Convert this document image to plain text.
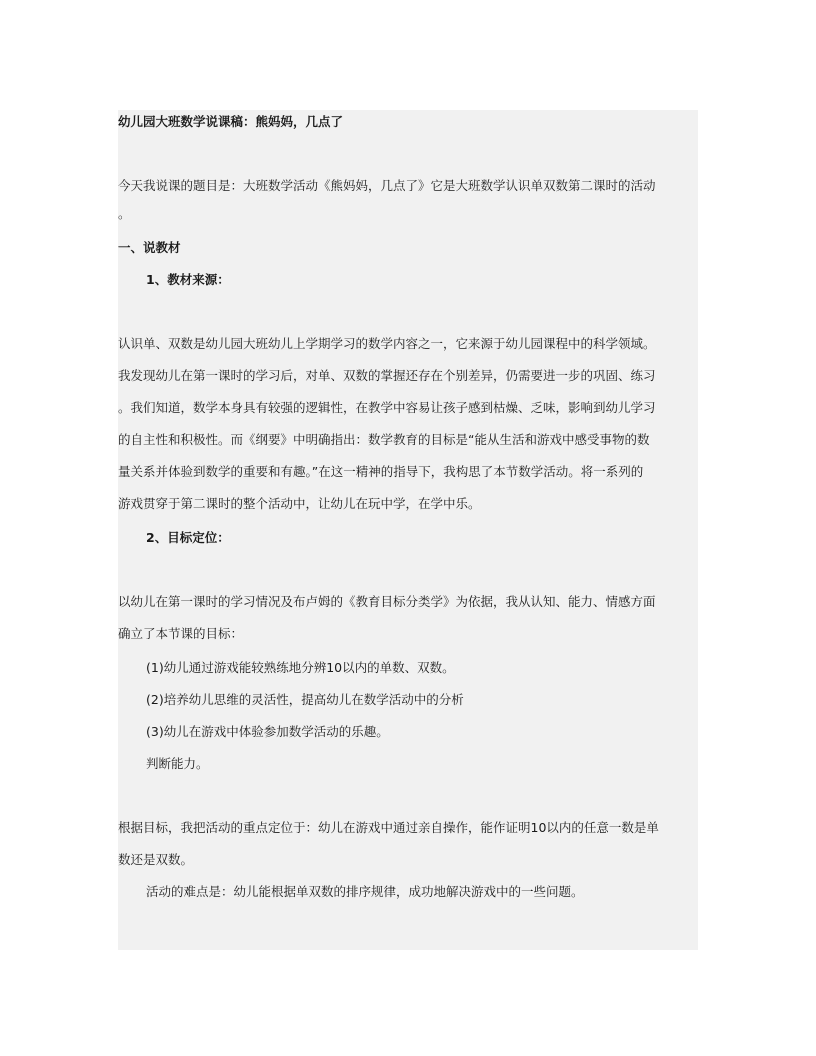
幼儿园大班数学说课稿：熊妈妈，几点了
今天我说课的题目是：大班数学活动《熊妈妈，几点了》它是大班数学认识单双数第二课时的活动
。
一、说教材
1、教材来源：
认识单、双数是幼儿园大班幼儿上学期学习的数学内容之一，它来源于幼儿园课程中的科学领域。
我发现幼儿在第一课时的学习后，对单、双数的掌握还存在个别差异，仍需要进一步的巩固、练习
。我们知道，数学本身具有较强的逻辑性，在教学中容易让孩子感到枯燥、乏味，影响到幼儿学习
的自主性和积极性。而《纲要》中明确指出：数学教育的目标是“能从生活和游戏中感受事物的数
量关系并体验到数学的重要和有趣。”在这一精神的指导下，我构思了本节数学活动。将一系列的
游戏贯穿于第二课时的整个活动中，让幼儿在玩中学，在学中乐。
2、目标定位：
以幼儿在第一课时的学习情况及布卢姆的《教育目标分类学》为依据，我从认知、能力、情感方面
确立了本节课的目标：
(1)幼儿通过游戏能较熟练地分辨10以内的单数、双数。
(2)培养幼儿思维的灵活性，提高幼儿在数学活动中的分析
(3)幼儿在游戏中体验参加数学活动的乐趣。
判断能力。
根据目标，我把活动的重点定位于：幼儿在游戏中通过亲自操作，能作证明10以内的任意一数是单
数还是双数。
活动的难点是：幼儿能根据单双数的排序规律，成功地解决游戏中的一些问题。
